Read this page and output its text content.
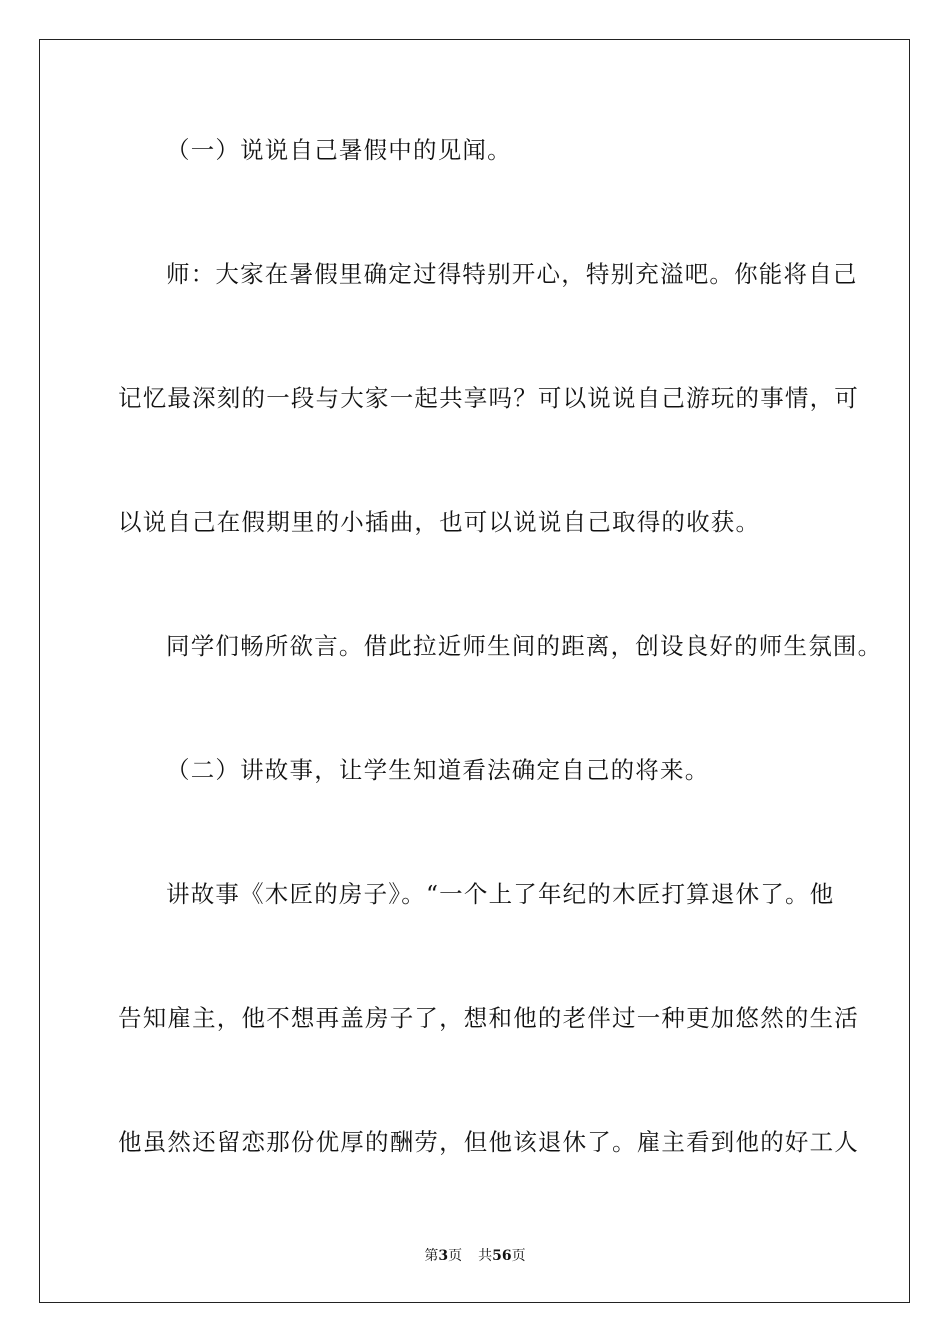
（一）说说自己暑假中的见闻。
师：大家在暑假里确定过得特别开心，特别充溢吧。你能将自己
记忆最深刻的一段与大家一起共享吗？可以说说自己游玩的事情，可
以说自己在假期里的小插曲，也可以说说自己取得的收获。
同学们畅所欲言。借此拉近师生间的距离，创设良好的师生氛围。
（二）讲故事，让学生知道看法确定自己的将来。
讲故事《木匠的房子》。“一个上了年纪的木匠打算退休了。他
告知雇主，他不想再盖房子了，想和他的老伴过一种更加悠然的生活
他虽然还留恋那份优厚的酬劳，但他该退休了。雇主看到他的好工人
第3页 共56页
